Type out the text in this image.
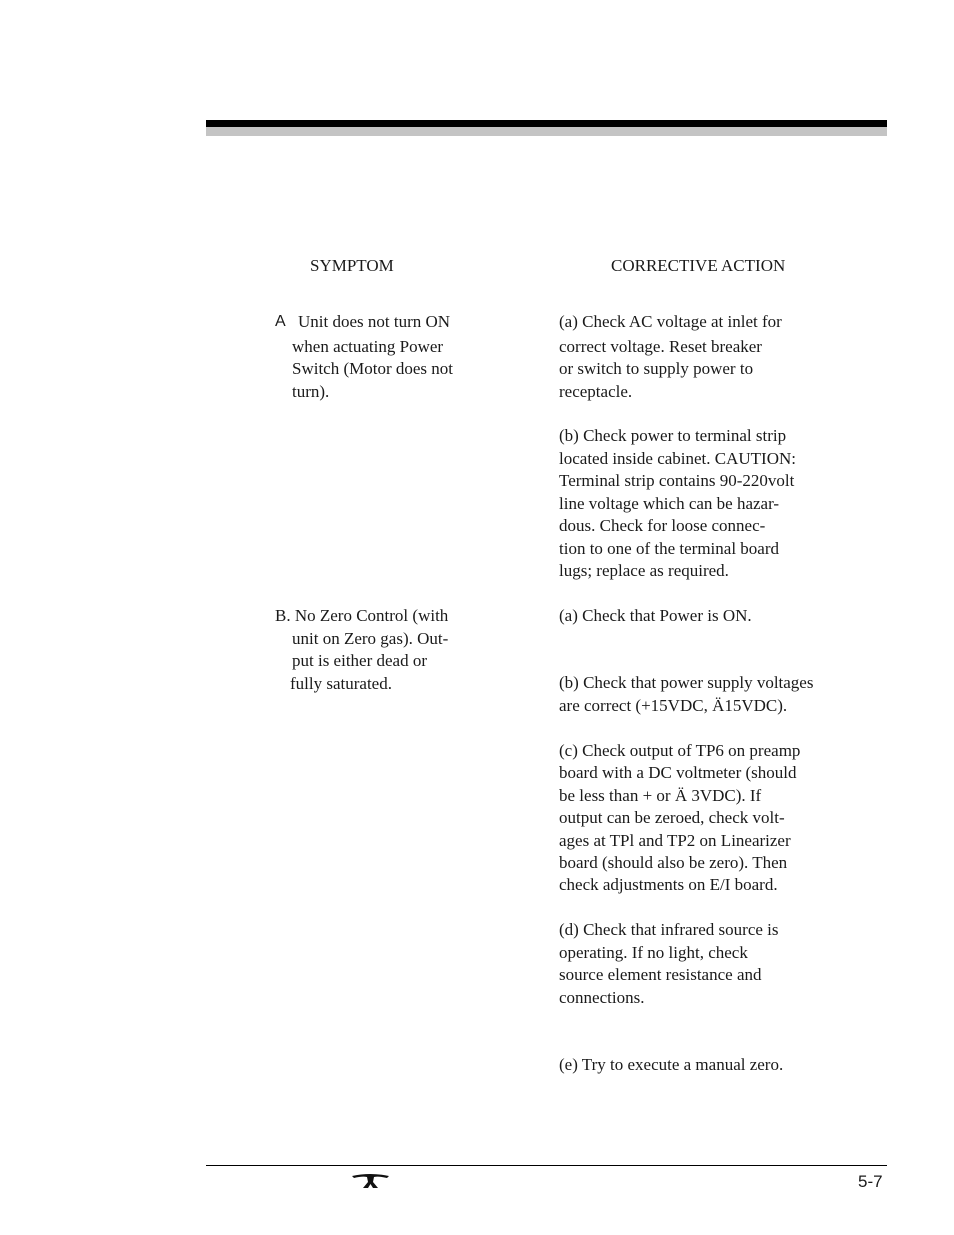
SYMPTOM	CORRECTIVE ACTION
A Unit does not turn ON
when actuating Power
Switch (Motor does not
turn).
(a) Check AC voltage at inlet for
correct voltage. Reset breaker
or switch to supply power to
receptacle.
(b) Check power to terminal strip
located inside cabinet. CAUTION:
Terminal strip contains 90-220volt
line voltage which can be hazar-
dous. Check for loose connec-
tion to one of the terminal board
lugs; replace as required.
B. No Zero Control (with
unit on Zero gas). Out-
put is either dead or
fully saturated.
(a) Check that Power is ON.
(b) Check that power supply voltages
are correct (+15VDC, Ä15VDC).
(c) Check output of TP6 on preamp
board with a DC voltmeter (should
be less than + or Ä 3VDC). If
output can be zeroed, check volt-
ages at TPl and TP2 on Linearizer
board (should also be zero). Then
check adjustments on E/I board.
(d) Check that infrared source is
operating. If no light, check
source element resistance and
connections.
(e) Try to execute a manual zero.
5-7
